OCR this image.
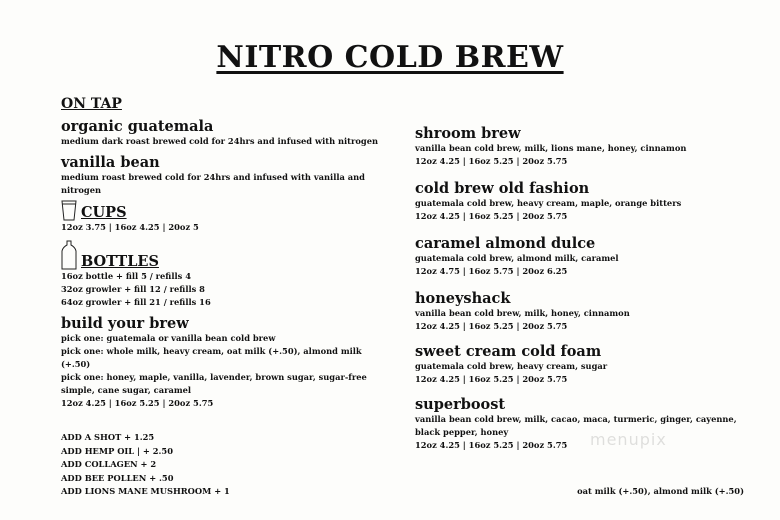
NITRO COLD BREW
ON TAP
organic guatemala
medium dark roast brewed cold for 24hrs and infused with nitrogen
vanilla bean
medium roast brewed cold for 24hrs and infused with vanilla and nitrogen
CUPS
12oz 3.75 | 16oz 4.25 | 20oz 5
BOTTLES
16oz bottle + fill 5 / refills 4
32oz growler + fill 12 / refills 8
64oz growler + fill 21 / refills 16
build your brew
pick one: guatemala or vanilla bean cold brew
pick one: whole milk, heavy cream, oat milk (+.50), almond milk (+.50)
pick one: honey, maple, vanilla, lavender, brown sugar, sugar-free simple, cane sugar, caramel
12oz 4.25 | 16oz 5.25 | 20oz 5.75
ADD A SHOT + 1.25
ADD HEMP OIL | + 2.50
ADD COLLAGEN + 2
ADD BEE POLLEN + .50
ADD LIONS MANE MUSHROOM + 1
shroom brew
vanilla bean cold brew, milk, lions mane, honey, cinnamon
12oz 4.25 | 16oz 5.25 | 20oz 5.75
cold brew old fashion
guatemala cold brew, heavy cream, maple, orange bitters
12oz 4.25 | 16oz 5.25 | 20oz 5.75
caramel almond dulce
guatemala cold brew, almond milk, caramel
12oz 4.75 | 16oz 5.75 | 20oz 6.25
honeyshack
vanilla bean cold brew, milk, honey, cinnamon
12oz 4.25 | 16oz 5.25 | 20oz 5.75
sweet cream cold foam
guatemala cold brew, heavy cream, sugar
12oz 4.25 | 16oz 5.25 | 20oz 5.75
superboost
vanilla bean cold brew, milk, cacao, maca, turmeric, ginger, cayenne, black pepper, honey
12oz 4.25 | 16oz 5.25 | 20oz 5.75	menupix
oat milk (+.50), almond milk (+.50)
